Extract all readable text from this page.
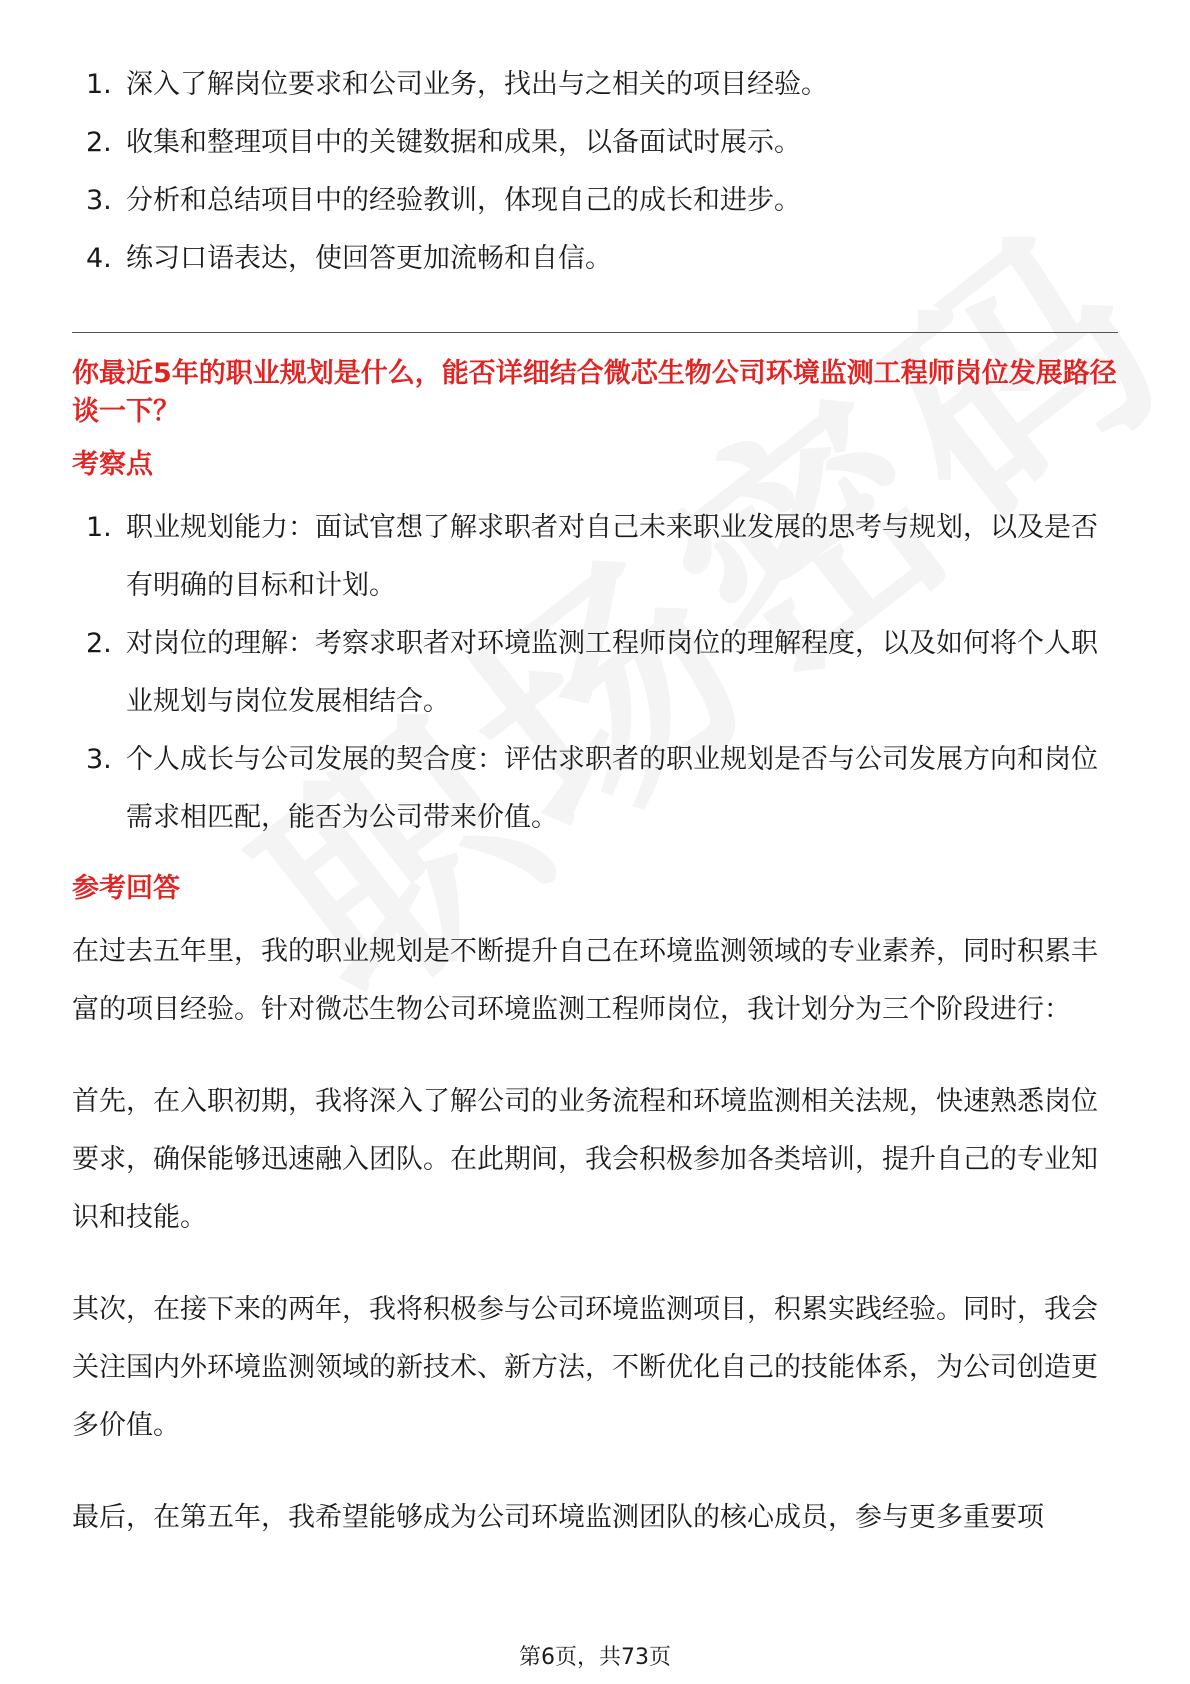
1. 深入了解岗位要求和公司业务，找出与之相关的项目经验。
2. 收集和整理项目中的关键数据和成果，以备面试时展示。
3. 分析和总结项目中的经验教训，体现自己的成长和进步。
4. 练习口语表达，使回答更加流畅和自信。
你最近5年的职业规划是什么，能否详细结合微芯生物公司环境监测工程师岗位发展路径谈一下？
考察点
1. 职业规划能力：面试官想了解求职者对自己未来职业发展的思考与规划，以及是否有明确的目标和计划。
2. 对岗位的理解：考察求职者对环境监测工程师岗位的理解程度，以及如何将个人职业规划与岗位发展相结合。
3. 个人成长与公司发展的契合度：评估求职者的职业规划是否与公司发展方向和岗位需求相匹配，能否为公司带来价值。
参考回答

在过去五年里，我的职业规划是不断提升自己在环境监测领域的专业素养，同时积累丰富的项目经验。针对微芯生物公司环境监测工程师岗位，我计划分为三个阶段进行：

首先，在入职初期，我将深入了解公司的业务流程和环境监测相关法规，快速熟悉岗位要求，确保能够迅速融入团队。在此期间，我会积极参加各类培训，提升自己的专业知识和技能。

其次，在接下来的两年，我将积极参与公司环境监测项目，积累实践经验。同时，我会关注国内外环境监测领域的新技术、新方法，不断优化自己的技能体系，为公司创造更多价值。

最后，在第五年，我希望能够成为公司环境监测团队的核心成员，参与更多重要项

第6页，共73页
